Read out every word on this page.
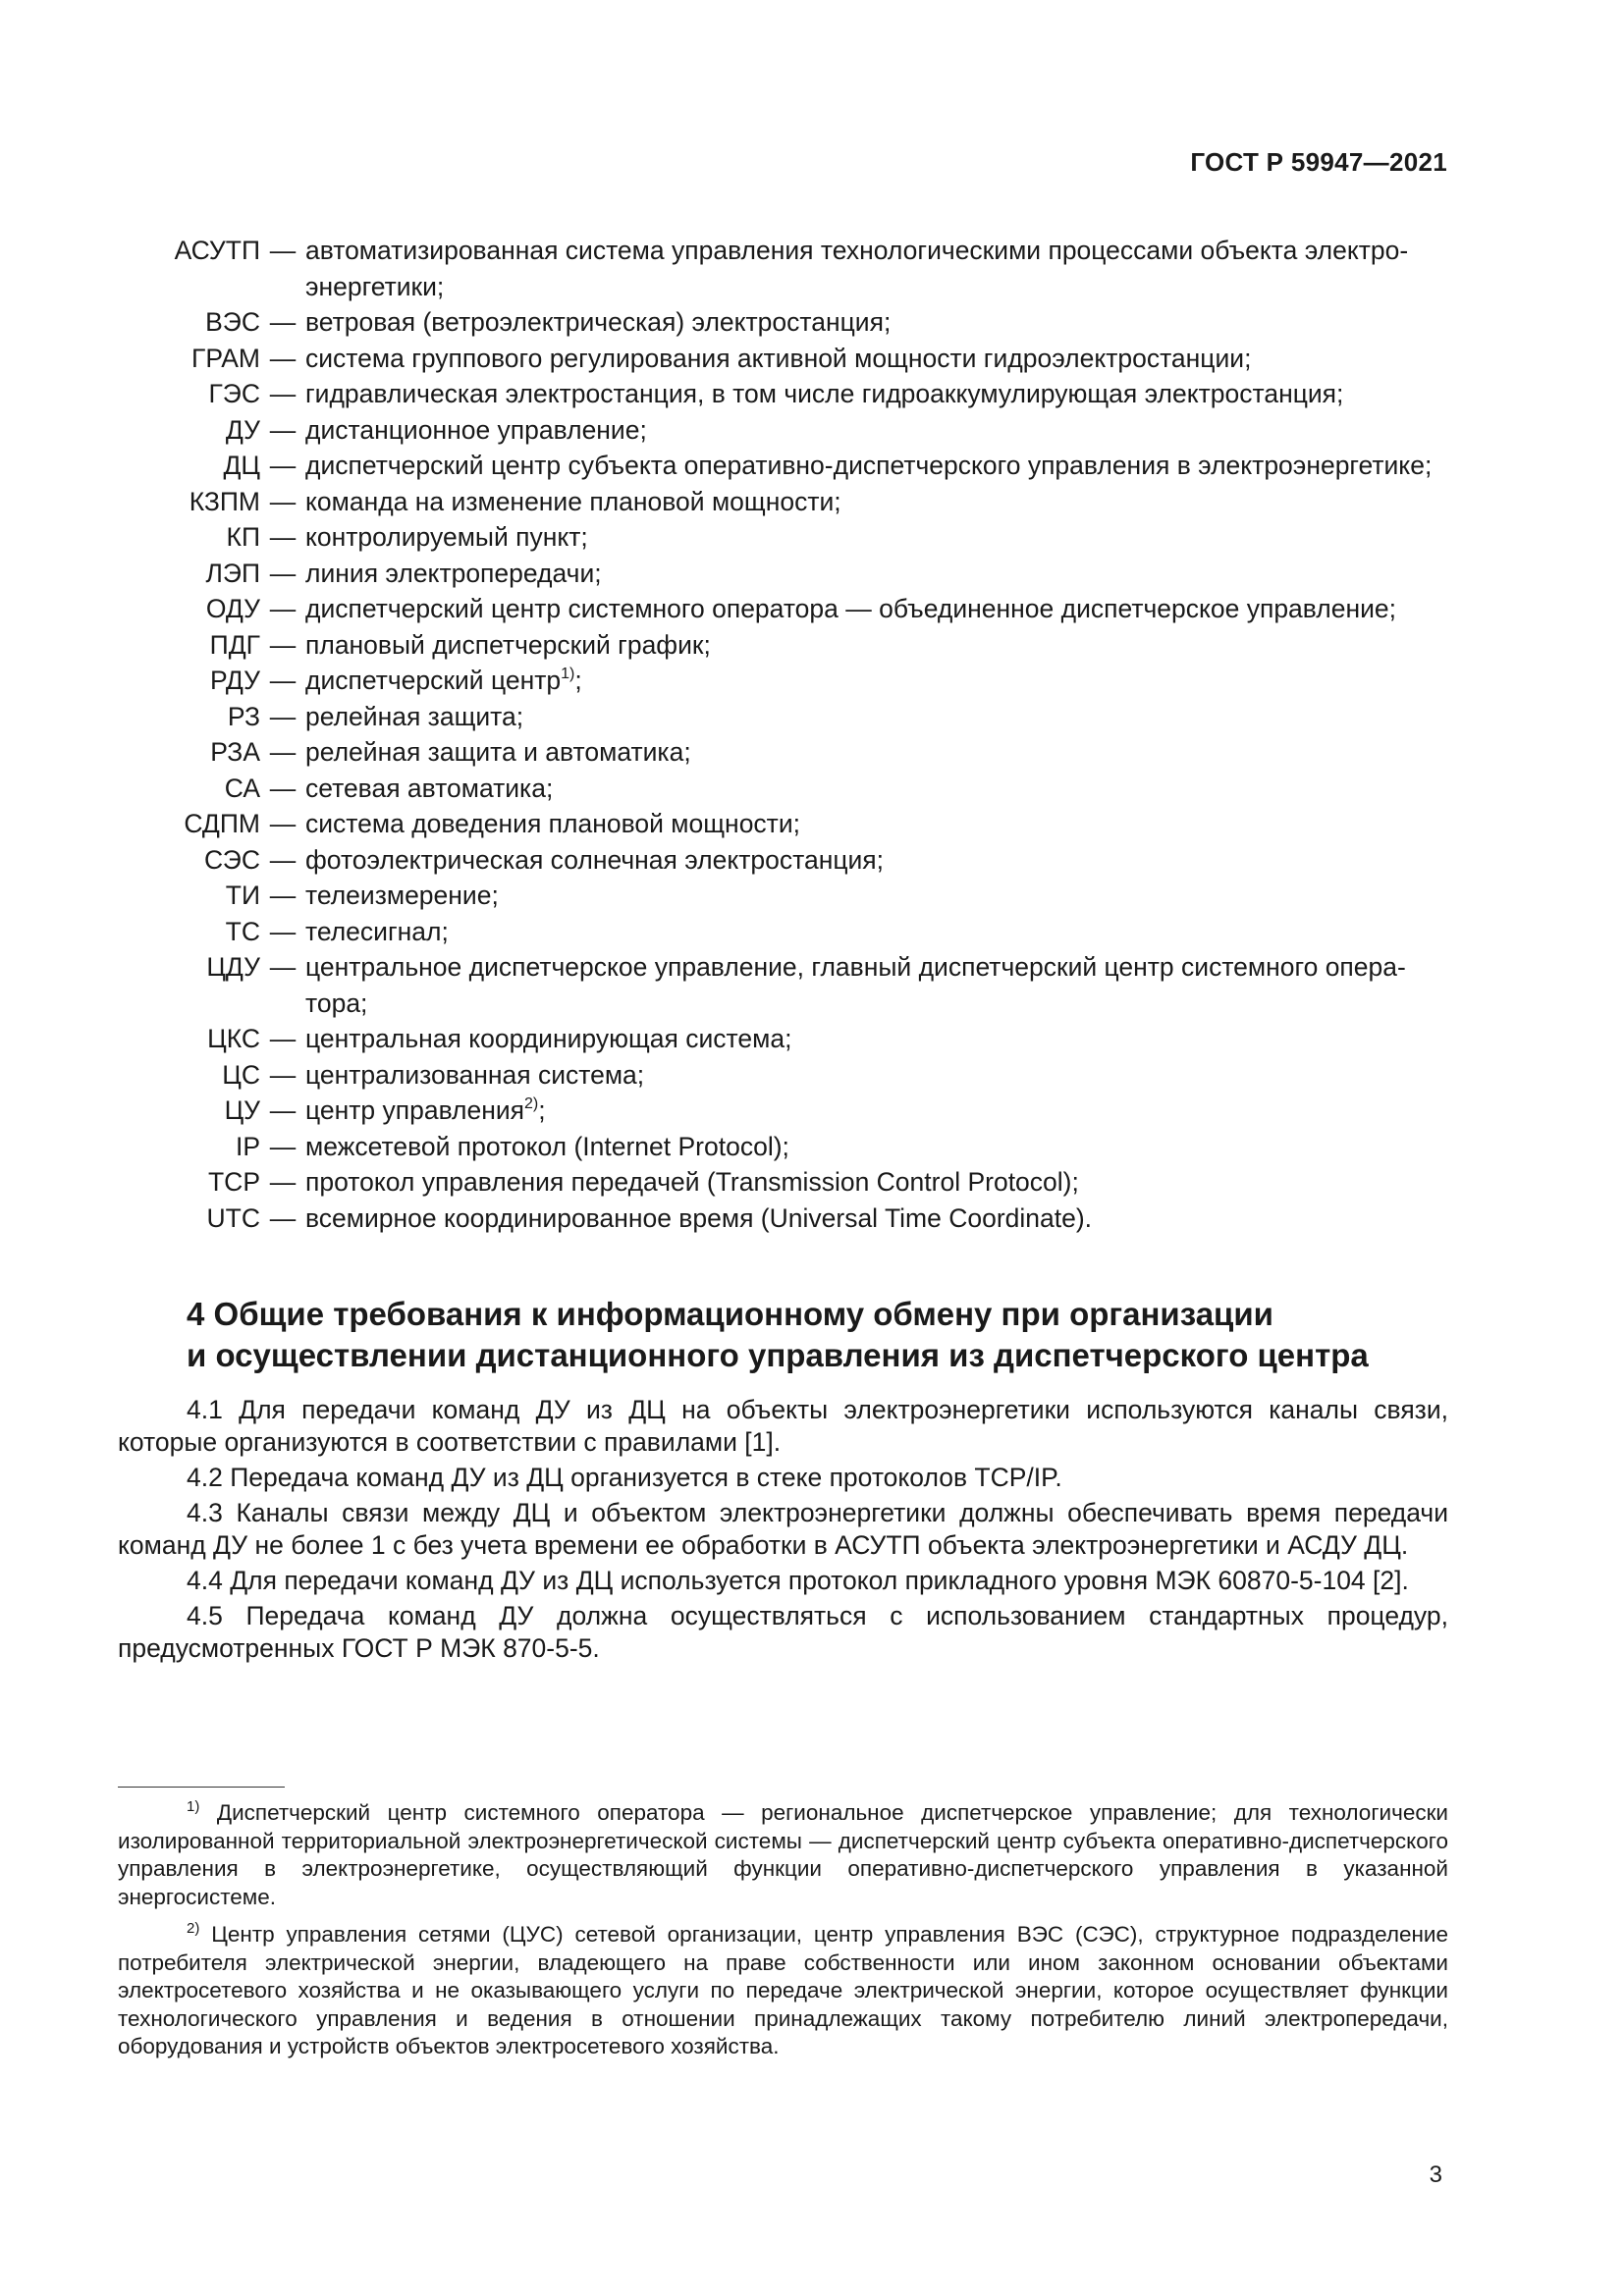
ГОСТ Р 59947—2021
АСУТП — автоматизированная система управления технологическими процессами объекта электро-
энергетики;
ВЭС — ветровая (ветроэлектрическая) электростанция;
ГРАМ — система группового регулирования активной мощности гидроэлектростанции;
ГЭС — гидравлическая электростанция, в том числе гидроаккумулирующая электростанция;
ДУ — дистанционное управление;
ДЦ — диспетчерский центр субъекта оперативно-диспетчерского управления в электроэнергетике;
КЗПМ — команда на изменение плановой мощности;
КП — контролируемый пункт;
ЛЭП — линия электропередачи;
ОДУ — диспетчерский центр системного оператора — объединенное диспетчерское управление;
ПДГ — плановый диспетчерский график;
РДУ — диспетчерский центр$^{1)}$;
РЗ — релейная защита;
РЗА — релейная защита и автоматика;
СА — сетевая автоматика;
СДПМ — система доведения плановой мощности;
СЭС — фотоэлектрическая солнечная электростанция;
ТИ — телеизмерение;
ТС — телесигнал;
ЦДУ — центральное диспетчерское управление, главный диспетчерский центр системного опера-
тора;
ЦКС — центральная координирующая система;
ЦС — централизованная система;
ЦУ — центр управления$^{2)}$;
IP — межсетевой протокол (Internet Protocol);
TCP — протокол управления передачей (Transmission Control Protocol);
UTC — всемирное координированное время (Universal Time Coordinate).
4 Общие требования к информационному обмену при организации
и осуществлении дистанционного управления из диспетчерского центра

4.1 Для передачи команд ДУ из ДЦ на объекты электроэнергетики используются каналы связи, которые организуются в соответствии с правилами [1].

4.2 Передача команд ДУ из ДЦ организуется в стеке протоколов TCP/IP.

4.3 Каналы связи между ДЦ и объектом электроэнергетики должны обеспечивать время передачи команд ДУ не более 1 с без учета времени ее обработки в АСУТП объекта электроэнергетики и АСДУ ДЦ.

4.4 Для передачи команд ДУ из ДЦ используется протокол прикладного уровня МЭК 60870-5-104 [2].

4.5 Передача команд ДУ должна осуществляться с использованием стандартных процедур, предусмотренных ГОСТ Р МЭК 870-5-5.

$^{1)}$ Диспетчерский центр системного оператора — региональное диспетчерское управление; для технологически изолированной территориальной электроэнергетической системы — диспетчерский центр субъекта оперативно-диспетчерского управления в электроэнергетике, осуществляющий функции оперативно-диспетчерского управления в указанной энергосистеме.

$^{2)}$ Центр управления сетями (ЦУС) сетевой организации, центр управления ВЭС (СЭС), структурное подразделение потребителя электрической энергии, владеющего на праве собственности или ином законном основании объектами электросетевого хозяйства и не оказывающего услуги по передаче электрической энергии, которое осуществляет функции технологического управления и ведения в отношении принадлежащих такому потребителю линий электропередачи, оборудования и устройств объектов электросетевого хозяйства.

3
